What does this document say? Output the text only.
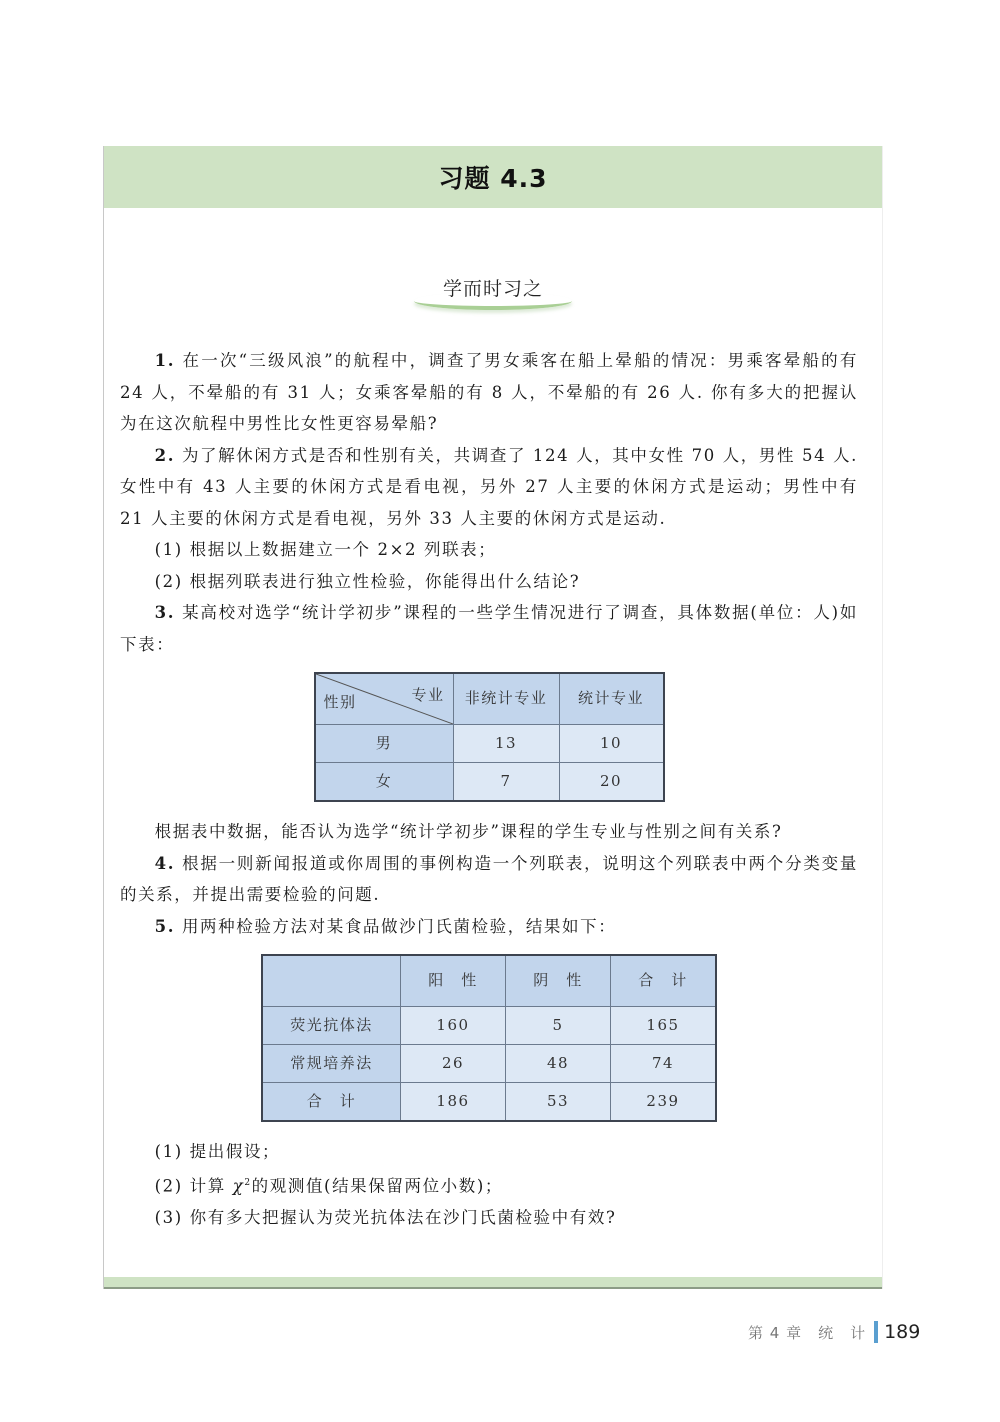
习题 4.3
学而时习之

1. 在一次“三级风浪”的航程中，调查了男女乘客在船上晕船的情况：男乘客晕船的有 24 人，不晕船的有 31 人；女乘客晕船的有 8 人，不晕船的有 26 人. 你有多大的把握认为在这次航程中男性比女性更容易晕船?

2. 为了解休闲方式是否和性别有关，共调查了 124 人，其中女性 70 人，男性 54 人. 女性中有 43 人主要的休闲方式是看电视，另外 27 人主要的休闲方式是运动；男性中有 21 人主要的休闲方式是看电视，另外 33 人主要的休闲方式是运动.

(1) 根据以上数据建立一个 2×2 列联表；

(2) 根据列联表进行独立性检验，你能得出什么结论?

3. 某高校对选学“统计学初步”课程的一些学生情况进行了调查，具体数据(单位：人)如下表：

专业
性别	非统计专业	统计专业
男	13	10
女	7	20

根据表中数据，能否认为选学“统计学初步”课程的学生专业与性别之间有关系?

4. 根据一则新闻报道或你周围的事例构造一个列联表，说明这个列联表中两个分类变量的关系，并提出需要检验的问题.

5. 用两种检验方法对某食品做沙门氏菌检验，结果如下：

	阳　性	阴　性	合　计
荧光抗体法	160	5	165
常规培养法	26	48	74
合　计	186	53	239

(1) 提出假设；

(2) 计算 $\chi^2$的观测值(结果保留两位小数)；

(3) 你有多大把握认为荧光抗体法在沙门氏菌检验中有效?

第 4 章　统　计 189
